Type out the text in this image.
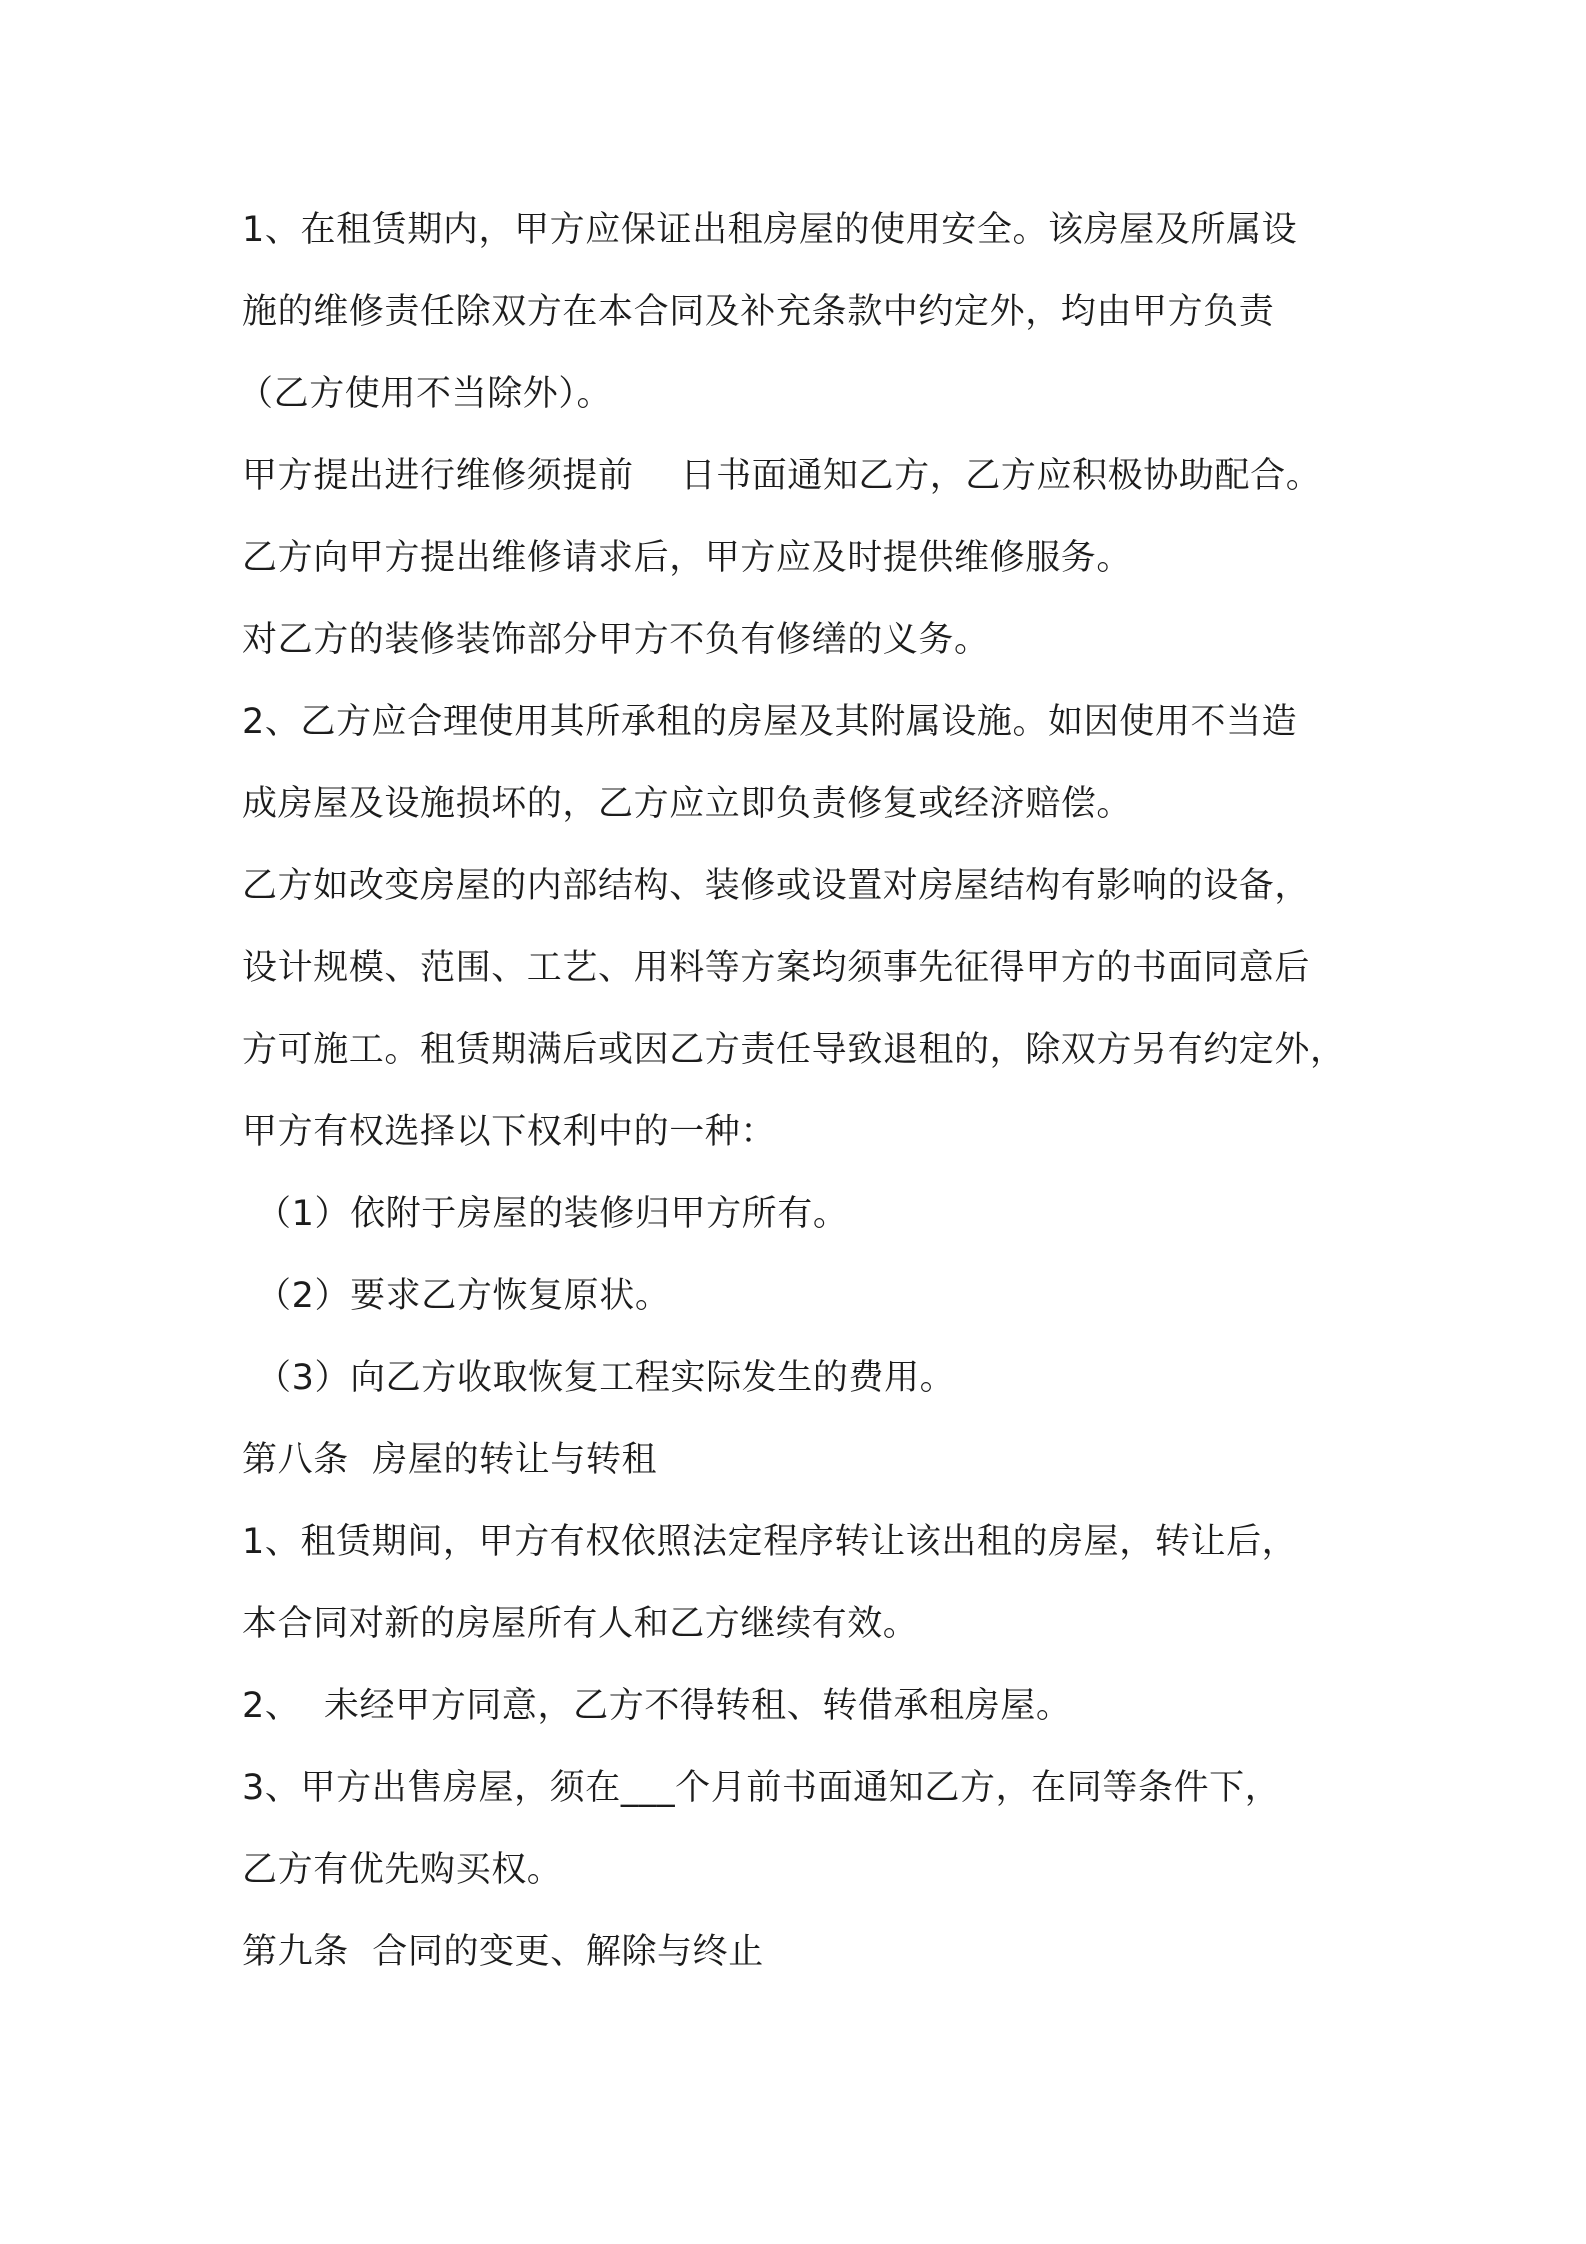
1、在租赁期内，甲方应保证出租房屋的使用安全。该房屋及所属设
施的维修责任除双方在本合同及补充条款中约定外，均由甲方负责
（乙方使用不当除外）。
甲方提出进行维修须提前    日书面通知乙方，乙方应积极协助配合。
乙方向甲方提出维修请求后，甲方应及时提供维修服务。
对乙方的装修装饰部分甲方不负有修缮的义务。
2、乙方应合理使用其所承租的房屋及其附属设施。如因使用不当造
成房屋及设施损坏的，乙方应立即负责修复或经济赔偿。
乙方如改变房屋的内部结构、装修或设置对房屋结构有影响的设备，
设计规模、范围、工艺、用料等方案均须事先征得甲方的书面同意后
方可施工。租赁期满后或因乙方责任导致退租的，除双方另有约定外，
甲方有权选择以下权利中的一种：
（1）依附于房屋的装修归甲方所有。
（2）要求乙方恢复原状。
（3）向乙方收取恢复工程实际发生的费用。
第八条  房屋的转让与转租
1、租赁期间，甲方有权依照法定程序转让该出租的房屋，转让后，
本合同对新的房屋所有人和乙方继续有效。
2、  未经甲方同意，乙方不得转租、转借承租房屋。
3、甲方出售房屋，须在___个月前书面通知乙方，在同等条件下，
乙方有优先购买权。
第九条  合同的变更、解除与终止
